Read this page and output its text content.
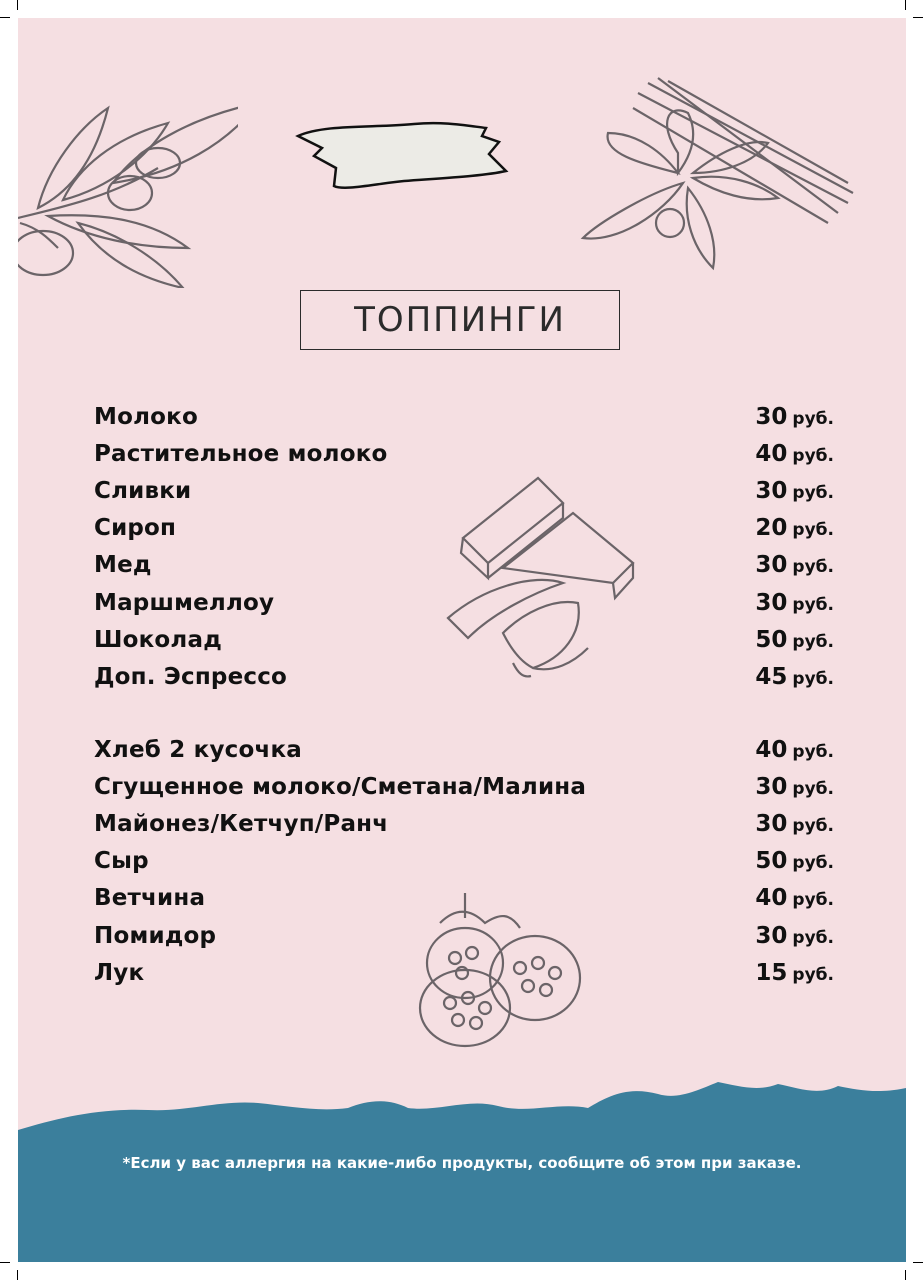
ТОППИНГИ
Молоко	30 руб.
Растительное молоко	40 руб.
Сливки	30 руб.
Сироп	20 руб.
Мед	30 руб.
Маршмеллоу	30 руб.
Шоколад	50 руб.
Доп. Эспрессо	45 руб.
Хлеб 2 кусочка	40 руб.
Сгущенное молоко/Сметана/Малина	30 руб.
Майонез/Кетчуп/Ранч	30 руб.
Сыр	50 руб.
Ветчина	40 руб.
Помидор	30 руб.
Лук	15 руб.
*Если у вас аллергия на какие-либо продукты, сообщите об этом при заказе.
